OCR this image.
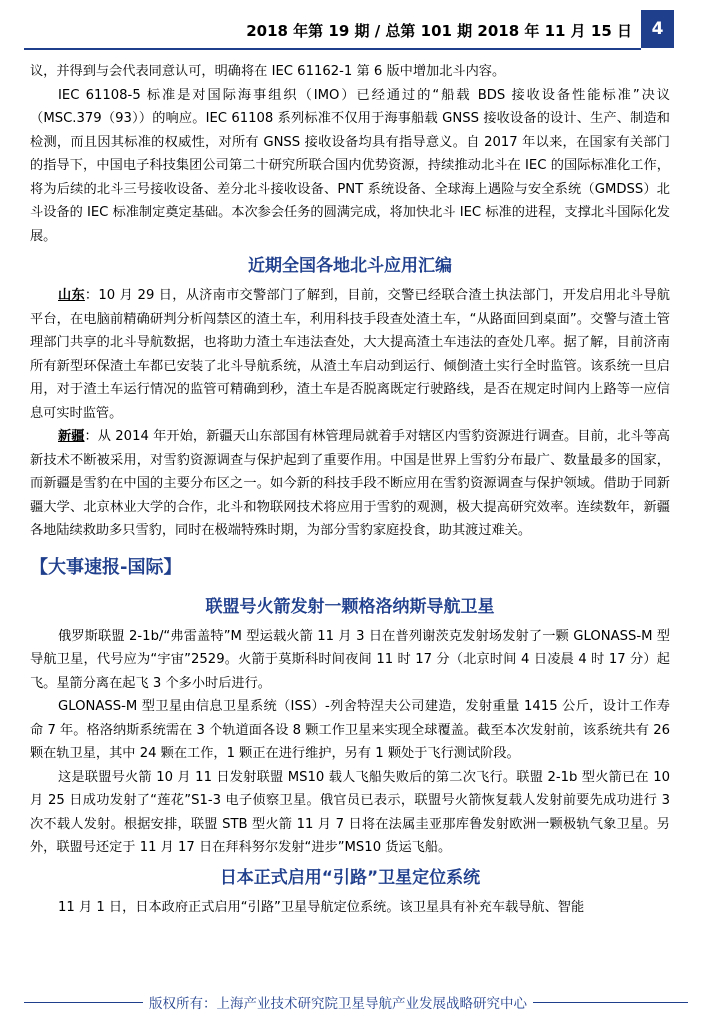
2018 年第 19 期 / 总第 101 期 2018 年 11 月 15 日	4

议，并得到与会代表同意认可，明确将在 IEC 61162-1 第 6 版中增加北斗内容。

IEC 61108-5 标准是对国际海事组织（IMO）已经通过的“船载 BDS 接收设备性能标准”决议（MSC.379（93））的响应。IEC 61108 系列标准不仅用于海事船载 GNSS 接收设备的设计、生产、制造和检测，而且因其标准的权威性，对所有 GNSS 接收设备均具有指导意义。自 2017 年以来，在国家有关部门的指导下，中国电子科技集团公司第二十研究所联合国内优势资源，持续推动北斗在 IEC 的国际标准化工作，将为后续的北斗三号接收设备、差分北斗接收设备、PNT 系统设备、全球海上遇险与安全系统（GMDSS）北斗设备的 IEC 标准制定奠定基础。本次参会任务的圆满完成，将加快北斗 IEC 标准的进程，支撑北斗国际化发展。

近期全国各地北斗应用汇编

山东：10 月 29 日，从济南市交警部门了解到，目前，交警已经联合渣土执法部门，开发启用北斗导航平台，在电脑前精确研判分析闯禁区的渣土车，利用科技手段查处渣土车，“从路面回到桌面”。交警与渣土管理部门共享的北斗导航数据，也将助力渣土车违法查处，大大提高渣土车违法的查处几率。据了解，目前济南所有新型环保渣土车都已安装了北斗导航系统，从渣土车启动到运行、倾倒渣土实行全时监管。该系统一旦启用，对于渣土车运行情况的监管可精确到秒，渣土车是否脱离既定行驶路线，是否在规定时间内上路等一应信息可实时监管。

新疆：从 2014 年开始，新疆天山东部国有林管理局就着手对辖区内雪豹资源进行调查。目前，北斗等高新技术不断被采用，对雪豹资源调查与保护起到了重要作用。中国是世界上雪豹分布最广、数量最多的国家，而新疆是雪豹在中国的主要分布区之一。如今新的科技手段不断应用在雪豹资源调查与保护领域。借助于同新疆大学、北京林业大学的合作，北斗和物联网技术将应用于雪豹的观测，极大提高研究效率。连续数年，新疆各地陆续救助多只雪豹，同时在极端特殊时期，为部分雪豹家庭投食，助其渡过难关。

【大事速报-国际】
联盟号火箭发射一颗格洛纳斯导航卫星

俄罗斯联盟 2-1b/“弗雷盖特”M 型运载火箭 11 月 3 日在普列谢茨克发射场发射了一颗 GLONASS-M 型导航卫星，代号应为“宇宙”2529。火箭于莫斯科时间夜间 11 时 17 分（北京时间 4 日凌晨 4 时 17 分）起飞。星箭分离在起飞 3 个多小时后进行。

GLONASS-M 型卫星由信息卫星系统（ISS）-列舍特涅夫公司建造，发射重量 1415 公斤，设计工作寿命 7 年。格洛纳斯系统需在 3 个轨道面各设 8 颗工作卫星来实现全球覆盖。截至本次发射前，该系统共有 26 颗在轨卫星，其中 24 颗在工作，1 颗正在进行维护，另有 1 颗处于飞行测试阶段。

这是联盟号火箭 10 月 11 日发射联盟 MS10 载人飞船失败后的第二次飞行。联盟 2-1b 型火箭已在 10 月 25 日成功发射了“莲花”S1-3 电子侦察卫星。俄官员已表示，联盟号火箭恢复载人发射前要先成功进行 3 次不载人发射。根据安排，联盟 STB 型火箭 11 月 7 日将在法属圭亚那库鲁发射欧洲一颗极轨气象卫星。另外，联盟号还定于 11 月 17 日在拜科努尔发射“进步”MS10 货运飞船。

日本正式启用“引路”卫星定位系统

11 月 1 日，日本政府正式启用“引路”卫星导航定位系统。该卫星具有补充车载导航、智能

版权所有：上海产业技术研究院卫星导航产业发展战略研究中心
